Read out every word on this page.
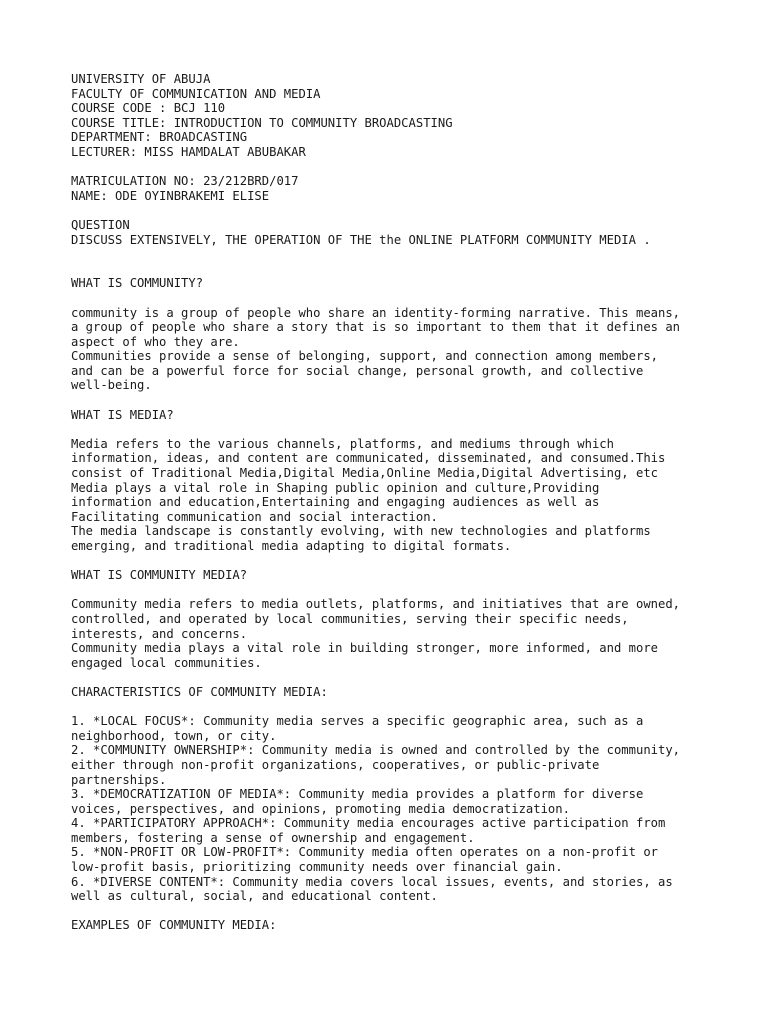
UNIVERSITY OF ABUJA
FACULTY OF COMMUNICATION AND MEDIA
COURSE CODE : BCJ 110
COURSE TITLE: INTRODUCTION TO COMMUNITY BROADCASTING
DEPARTMENT: BROADCASTING
LECTURER: MISS HAMDALAT ABUBAKAR
MATRICULATION NO: 23/212BRD/017
NAME: ODE OYINBRAKEMI ELISE
QUESTION
DISCUSS EXTENSIVELY, THE OPERATION OF THE the ONLINE PLATFORM COMMUNITY MEDIA .
WHAT IS COMMUNITY?
community is a group of people who share an identity-forming narrative. This means,
a group of people who share a story that is so important to them that it defines an
aspect of who they are.
Communities provide a sense of belonging, support, and connection among members,
and can be a powerful force for social change, personal growth, and collective
well-being.
WHAT IS MEDIA?
Media refers to the various channels, platforms, and mediums through which
information, ideas, and content are communicated, disseminated, and consumed.This
consist of Traditional Media,Digital Media,Online Media,Digital Advertising, etc
Media plays a vital role in Shaping public opinion and culture,Providing
information and education,Entertaining and engaging audiences as well as
Facilitating communication and social interaction.
The media landscape is constantly evolving, with new technologies and platforms
emerging, and traditional media adapting to digital formats.
WHAT IS COMMUNITY MEDIA?
Community media refers to media outlets, platforms, and initiatives that are owned,
controlled, and operated by local communities, serving their specific needs,
interests, and concerns.
Community media plays a vital role in building stronger, more informed, and more
engaged local communities.
CHARACTERISTICS OF COMMUNITY MEDIA:
1. *LOCAL FOCUS*: Community media serves a specific geographic area, such as a
neighborhood, town, or city.
2. *COMMUNITY OWNERSHIP*: Community media is owned and controlled by the community,
either through non-profit organizations, cooperatives, or public-private
partnerships.
3. *DEMOCRATIZATION OF MEDIA*: Community media provides a platform for diverse
voices, perspectives, and opinions, promoting media democratization.
4. *PARTICIPATORY APPROACH*: Community media encourages active participation from
members, fostering a sense of ownership and engagement.
5. *NON-PROFIT OR LOW-PROFIT*: Community media often operates on a non-profit or
low-profit basis, prioritizing community needs over financial gain.
6. *DIVERSE CONTENT*: Community media covers local issues, events, and stories, as
well as cultural, social, and educational content.
EXAMPLES OF COMMUNITY MEDIA:
